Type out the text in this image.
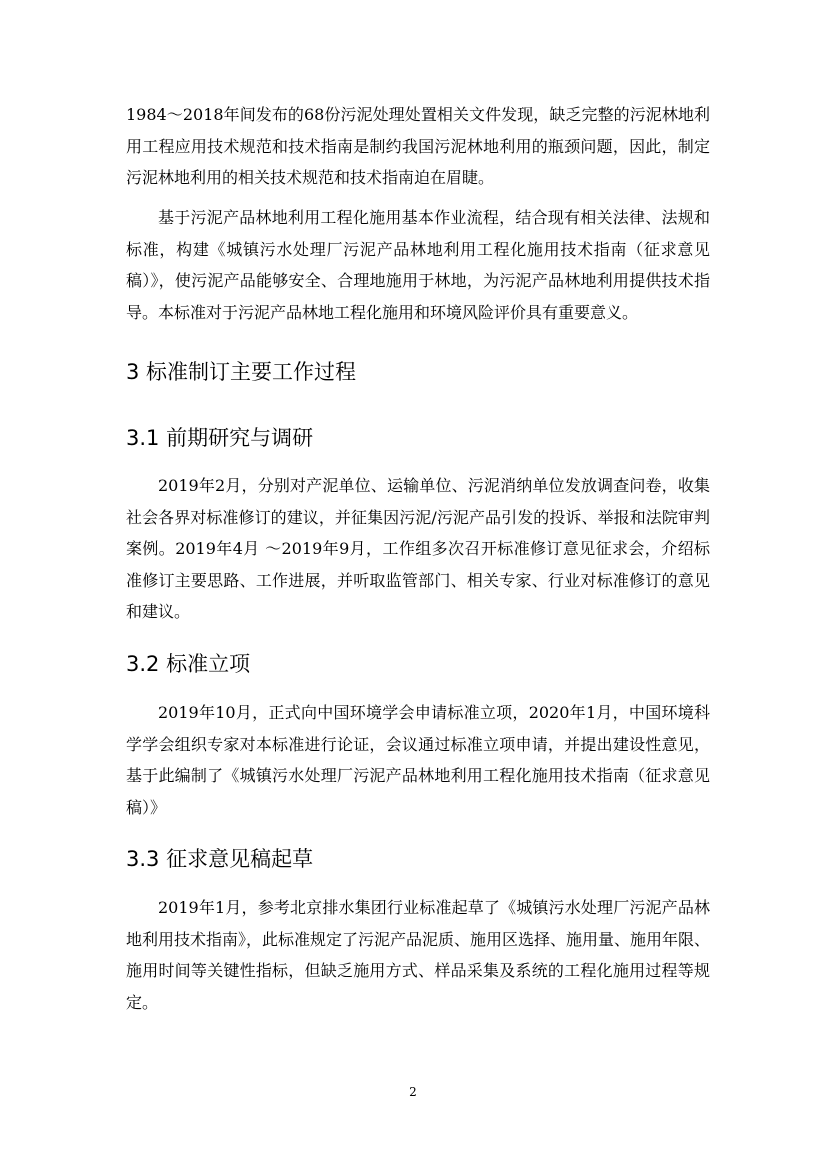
1984～2018年间发布的68份污泥处理处置相关文件发现，缺乏完整的污泥林地利用工程应用技术规范和技术指南是制约我国污泥林地利用的瓶颈问题，因此，制定污泥林地利用的相关技术规范和技术指南迫在眉睫。

基于污泥产品林地利用工程化施用基本作业流程，结合现有相关法律、法规和标准，构建《城镇污水处理厂污泥产品林地利用工程化施用技术指南（征求意见稿）》，使污泥产品能够安全、合理地施用于林地，为污泥产品林地利用提供技术指导。本标准对于污泥产品林地工程化施用和环境风险评价具有重要意义。

3 标准制订主要工作过程
3.1 前期研究与调研

2019年2月，分别对产泥单位、运输单位、污泥消纳单位发放调查问卷，收集社会各界对标准修订的建议，并征集因污泥/污泥产品引发的投诉、举报和法院审判案例。2019年4月 ～2019年9月，工作组多次召开标准修订意见征求会，介绍标准修订主要思路、工作进展，并听取监管部门、相关专家、行业对标准修订的意见和建议。

3.2 标准立项

2019年10月，正式向中国环境学会申请标准立项，2020年1月，中国环境科学学会组织专家对本标准进行论证，会议通过标准立项申请，并提出建设性意见，基于此编制了《城镇污水处理厂污泥产品林地利用工程化施用技术指南（征求意见稿）》

3.3 征求意见稿起草

2019年1月，参考北京排水集团行业标准起草了《城镇污水处理厂污泥产品林地利用技术指南》，此标准规定了污泥产品泥质、施用区选择、施用量、施用年限、施用时间等关键性指标，但缺乏施用方式、样品采集及系统的工程化施用过程等规定。

2
